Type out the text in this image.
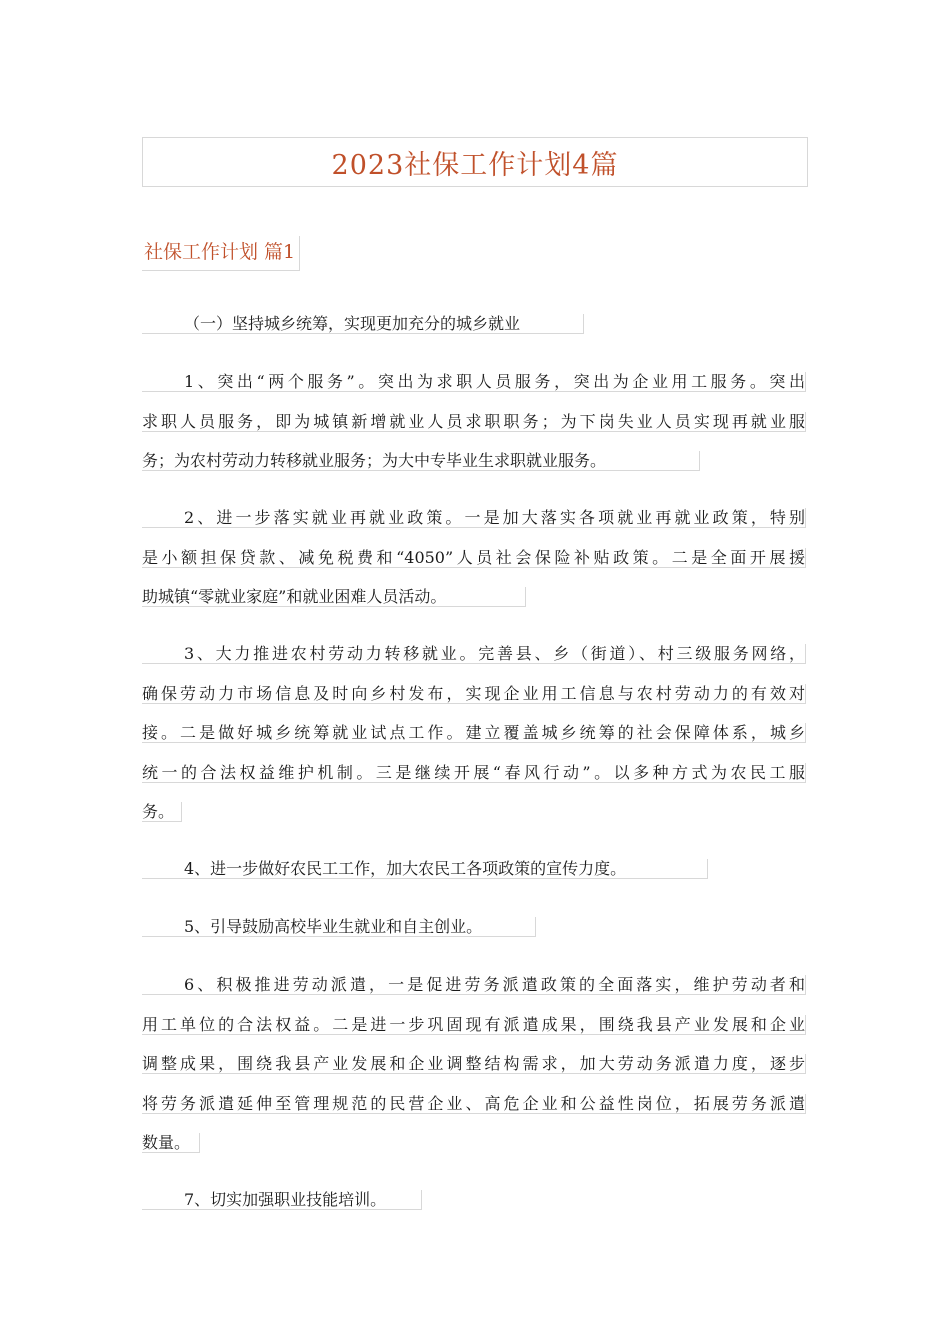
2023社保工作计划4篇
社保工作计划 篇1
（一）坚持城乡统筹，实现更加充分的城乡就业
1、突出“两个服务”。突出为求职人员服务，突出为企业用工服务。突出
求职人员服务，即为城镇新增就业人员求职职务；为下岗失业人员实现再就业服
务；为农村劳动力转移就业服务；为大中专毕业生求职就业服务。
2、进一步落实就业再就业政策。一是加大落实各项就业再就业政策，特别
是小额担保贷款、减免税费和“4050”人员社会保险补贴政策。二是全面开展援
助城镇“零就业家庭”和就业困难人员活动。
3、大力推进农村劳动力转移就业。完善县、乡（街道）、村三级服务网络，
确保劳动力市场信息及时向乡村发布，实现企业用工信息与农村劳动力的有效对
接。二是做好城乡统筹就业试点工作。建立覆盖城乡统筹的社会保障体系，城乡
统一的合法权益维护机制。三是继续开展“春风行动”。以多种方式为农民工服
务。
4、进一步做好农民工工作，加大农民工各项政策的宣传力度。
5、引导鼓励高校毕业生就业和自主创业。
6、积极推进劳动派遣，一是促进劳务派遣政策的全面落实，维护劳动者和
用工单位的合法权益。二是进一步巩固现有派遣成果，围绕我县产业发展和企业
调整成果，围绕我县产业发展和企业调整结构需求，加大劳动务派遣力度，逐步
将劳务派遣延伸至管理规范的民营企业、高危企业和公益性岗位，拓展劳务派遣
数量。
7、切实加强职业技能培训。
